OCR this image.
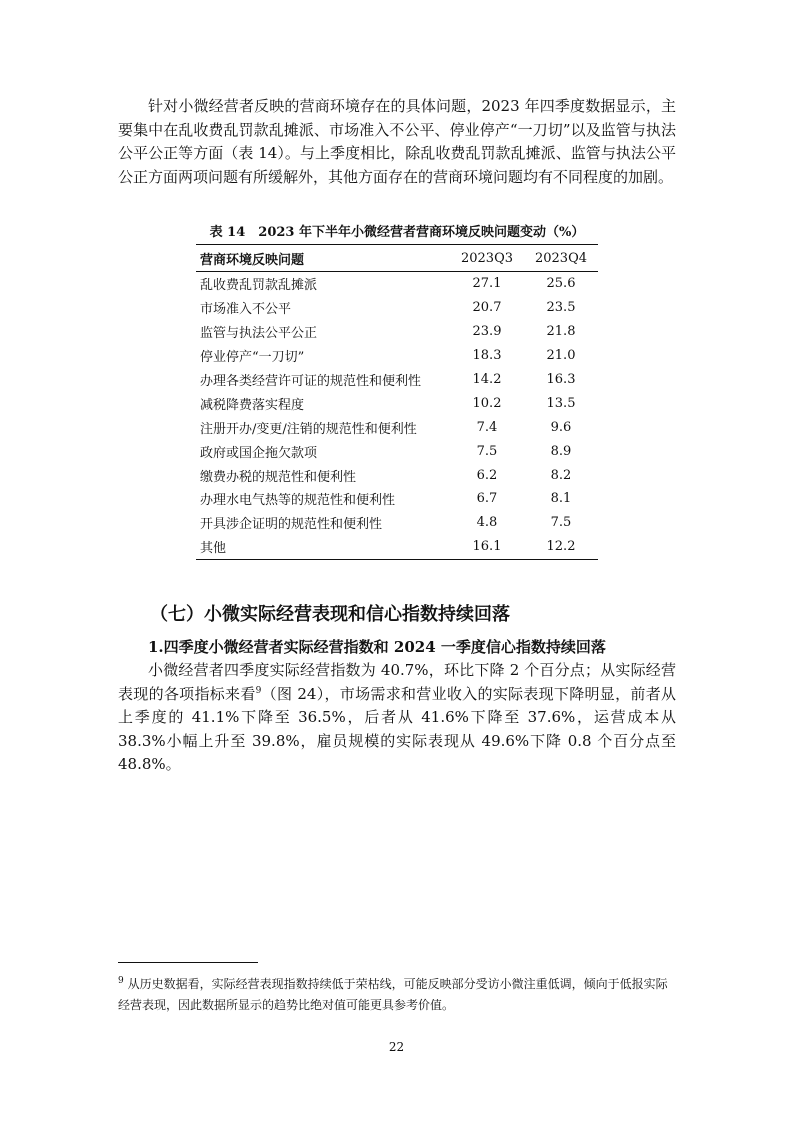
针对小微经营者反映的营商环境存在的具体问题，2023 年四季度数据显示，主要集中在乱收费乱罚款乱摊派、市场准入不公平、停业停产“一刀切”以及监管与执法公平公正等方面（表 14）。与上季度相比，除乱收费乱罚款乱摊派、监管与执法公平公正方面两项问题有所缓解外，其他方面存在的营商环境问题均有不同程度的加剧。

表 14　2023 年下半年小微经营者营商环境反映问题变动（%）

营商环境反映问题	2023Q3	2023Q4
乱收费乱罚款乱摊派	27.1	25.6
市场准入不公平	20.7	23.5
监管与执法公平公正	23.9	21.8
停业停产“一刀切”	18.3	21.0
办理各类经营许可证的规范性和便利性	14.2	16.3
减税降费落实程度	10.2	13.5
注册开办/变更/注销的规范性和便利性	7.4	9.6
政府或国企拖欠款项	7.5	8.9
缴费办税的规范性和便利性	6.2	8.2
办理水电气热等的规范性和便利性	6.7	8.1
开具涉企证明的规范性和便利性	4.8	7.5
其他	16.1	12.2
（七）小微实际经营表现和信心指数持续回落
1.四季度小微经营者实际经营指数和 2024 一季度信心指数持续回落

小微经营者四季度实际经营指数为 40.7%，环比下降 2 个百分点；从实际经营表现的各项指标来看$^9$（图 24），市场需求和营业收入的实际表现下降明显，前者从上季度的 41.1%下降至 36.5%，后者从 41.6%下降至 37.6%，运营成本从 38.3%小幅上升至 39.8%，雇员规模的实际表现从 49.6%下降 0.8 个百分点至 48.8%。

$^9$ 从历史数据看，实际经营表现指数持续低于荣枯线，可能反映部分受访小微注重低调，倾向于低报实际经营表现，因此数据所显示的趋势比绝对值可能更具参考价值。

22
